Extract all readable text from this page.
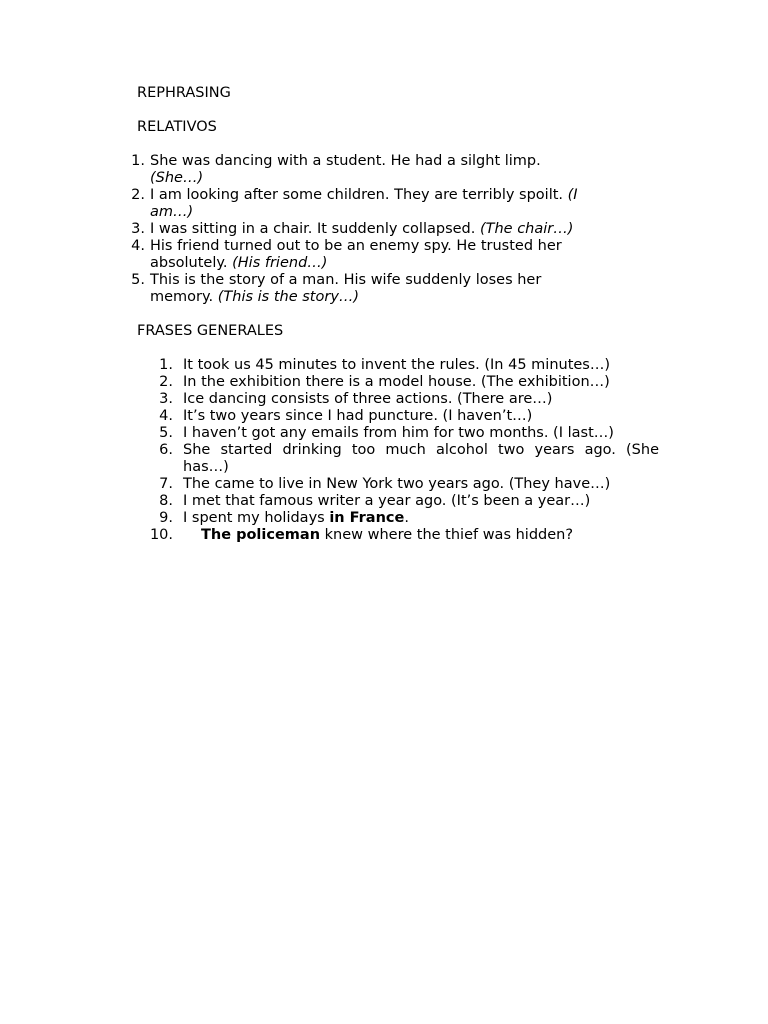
REPHRASING
RELATIVOS
1. She was dancing with a student. He had a silght limp. (She…)
2. I am looking after some children. They are terribly spoilt. (I am…)
3. I was sitting in a chair. It suddenly collapsed. (The chair…)
4. His friend turned out to be an enemy spy. He trusted her absolutely. (His friend…)
5. This is the story of a man. His wife suddenly loses her memory. (This is the story…)
FRASES GENERALES
1. It took us 45 minutes to invent the rules. (In 45 minutes…)
2. In the exhibition there is a model house. (The exhibition…)
3. Ice dancing consists of three actions. (There are…)
4. It’s two years since I had puncture. (I haven’t…)
5. I haven’t got any emails from him for two months. (I last…)
6. She started drinking too much alcohol two years ago. (She has…)
7. The came to live in New York two years ago. (They have…)
8. I met that famous writer a year ago. (It’s been a year…)
9. I spent my holidays in France.
10.	The policeman knew where the thief was hidden?
